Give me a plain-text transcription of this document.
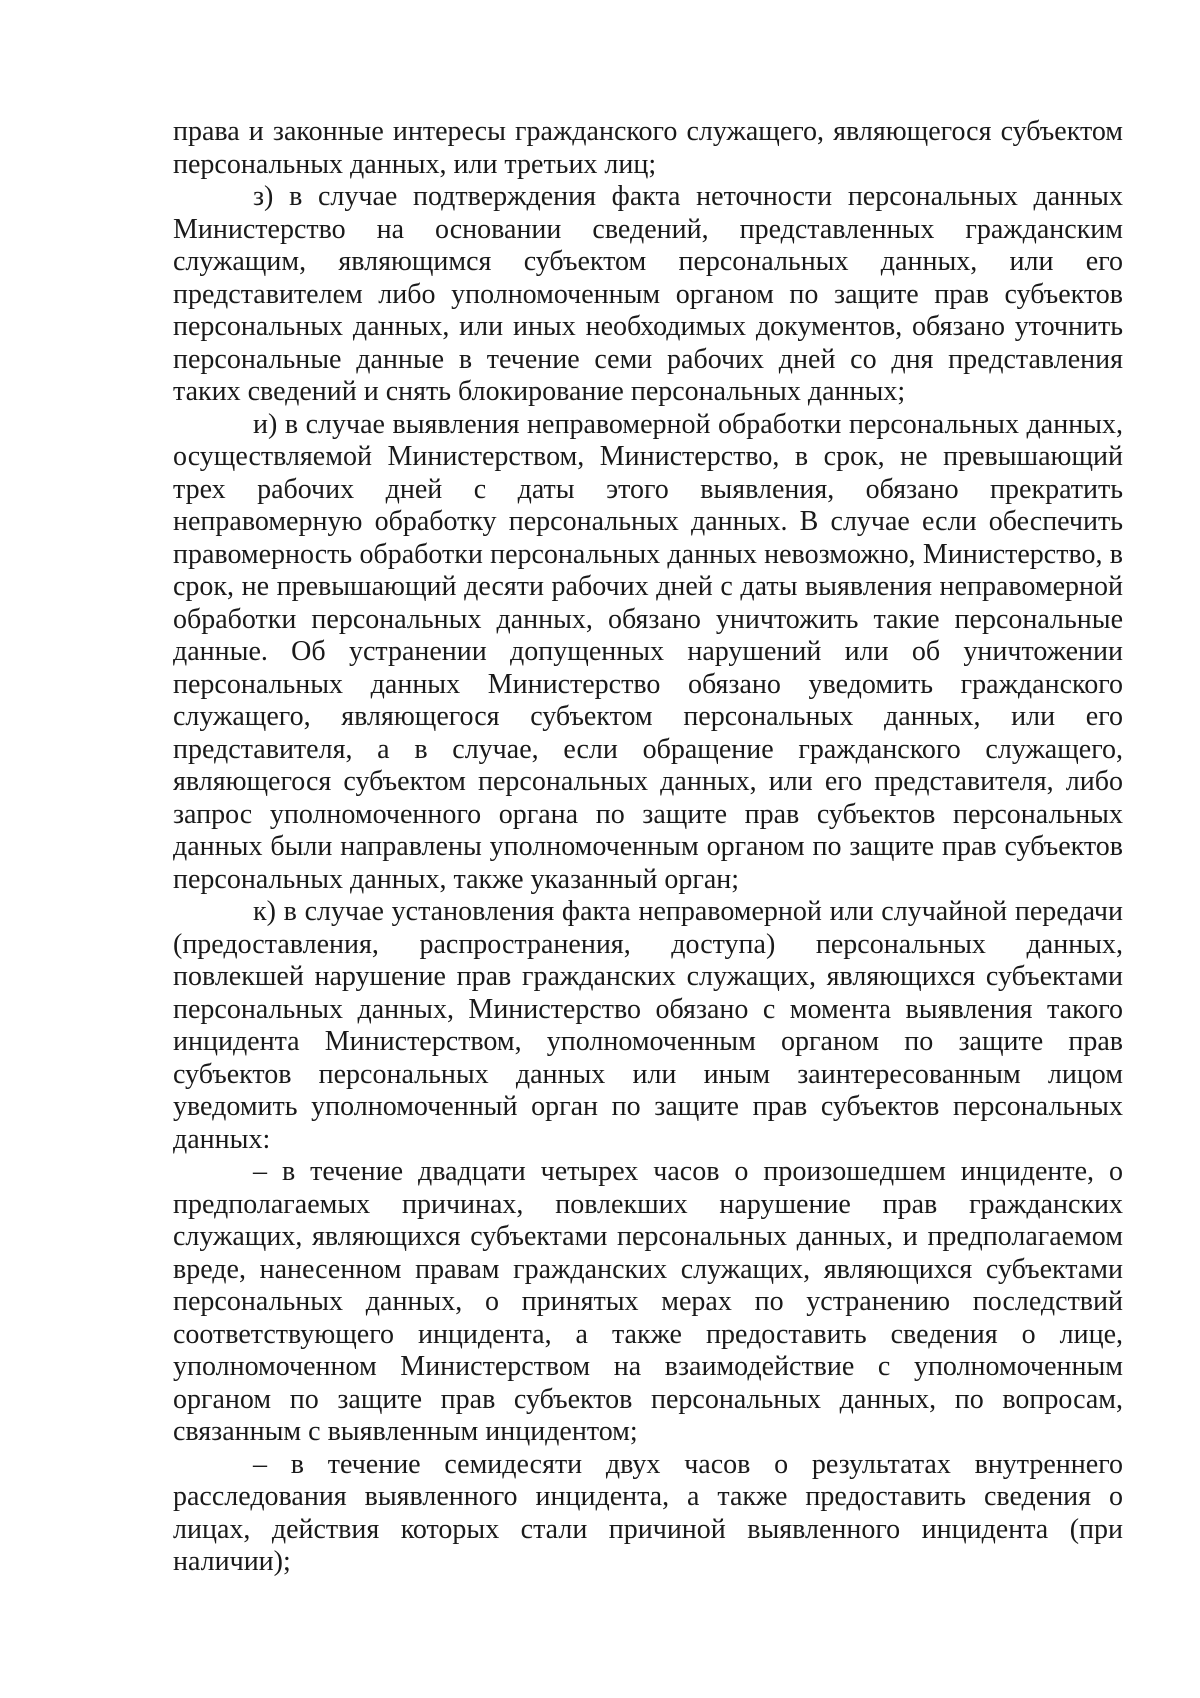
права и законные интересы гражданского служащего, являющегося субъектом персональных данных, или третьих лиц;

з) в случае подтверждения факта неточности персональных данных Министерство на основании сведений, представленных гражданским служащим, являющимся субъектом персональных данных, или его представителем либо уполномоченным органом по защите прав субъектов персональных данных, или иных необходимых документов, обязано уточнить персональные данные в течение семи рабочих дней со дня представления таких сведений и снять блокирование персональных данных;

и) в случае выявления неправомерной обработки персональных данных, осуществляемой Министерством, Министерство, в срок, не превышающий трех рабочих дней с даты этого выявления, обязано прекратить неправомерную обработку персональных данных. В случае если обеспечить правомерность обработки персональных данных невозможно, Министерство, в срок, не превышающий десяти рабочих дней с даты выявления неправомерной обработки персональных данных, обязано уничтожить такие персональные данные. Об устранении допущенных нарушений или об уничтожении персональных данных Министерство обязано уведомить гражданского служащего, являющегося субъектом персональных данных, или его представителя, а в случае, если обращение гражданского служащего, являющегося субъектом персональных данных, или его представителя, либо запрос уполномоченного органа по защите прав субъектов персональных данных были направлены уполномоченным органом по защите прав субъектов персональных данных, также указанный орган;

к) в случае установления факта неправомерной или случайной передачи (предоставления, распространения, доступа) персональных данных, повлекшей нарушение прав гражданских служащих, являющихся субъектами персональных данных, Министерство обязано с момента выявления такого инцидента Министерством, уполномоченным органом по защите прав субъектов персональных данных или иным заинтересованным лицом уведомить уполномоченный орган по защите прав субъектов персональных данных:

– в течение двадцати четырех часов о произошедшем инциденте, о предполагаемых причинах, повлекших нарушение прав гражданских служащих, являющихся субъектами персональных данных, и предполагаемом вреде, нанесенном правам гражданских служащих, являющихся субъектами персональных данных, о принятых мерах по устранению последствий соответствующего инцидента, а также предоставить сведения о лице, уполномоченном Министерством на взаимодействие с уполномоченным органом по защите прав субъектов персональных данных, по вопросам, связанным с выявленным инцидентом;

– в течение семидесяти двух часов о результатах внутреннего расследования выявленного инцидента, а также предоставить сведения о лицах, действия которых стали причиной выявленного инцидента (при наличии);
